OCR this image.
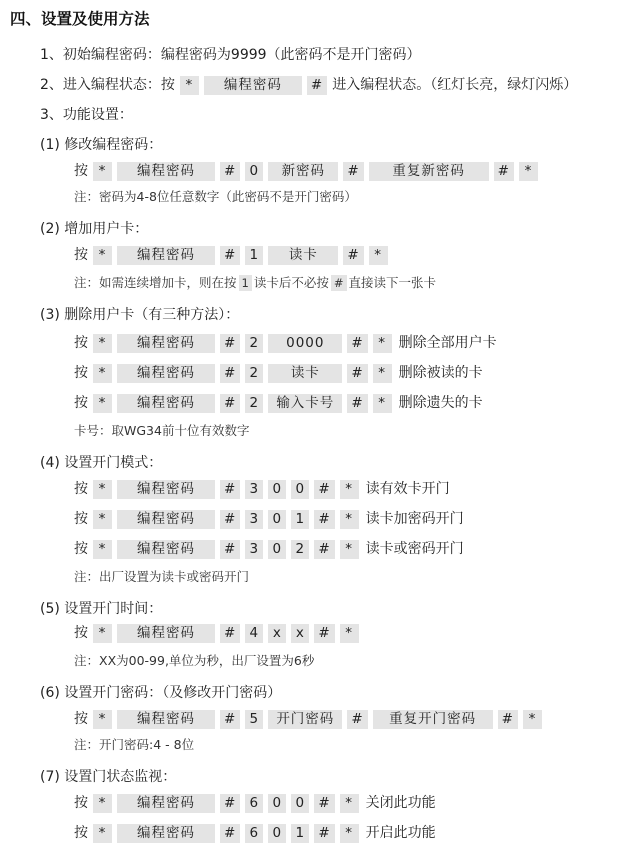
四、设置及使用方法
1、初始编程密码：编程密码为9999（此密码不是开门密码）
2、进入编程状态：按 *	编程密码	# 进入编程状态。（红灯长亮，绿灯闪烁）
3、功能设置：
(1) 修改编程密码：
按 *	编程密码	# 0	新密码	#	重复新密码	#	*
注：密码为4-8位任意数字（此密码不是开门密码）
(2) 增加用户卡：
按 *	编程密码	# 1	读卡	#	*
注：如需连续增加卡，则在按 1 读卡后不必按 # 直接读下一张卡
(3) 删除用户卡（有三种方法）：
按 *	编程密码	# 2	0000	#	* 删除全部用户卡
按 *	编程密码	# 2	读卡	#	* 删除被读的卡
按 *	编程密码	# 2	输入卡号	#	* 删除遗失的卡
卡号：取WG34前十位有效数字
(4) 设置开门模式：
按 *	编程密码	# 3 0 0 #	* 读有效卡开门
按 *	编程密码	# 3 0 1 #	* 读卡加密码开门
按 *	编程密码	# 3 0 2 #	* 读卡或密码开门
注：出厂设置为读卡或密码开门
(5) 设置开门时间：
按 *	编程密码	# 4	x	x	#	*
注：XX为00-99,单位为秒，出厂设置为6秒
(6) 设置开门密码：（及修改开门密码）
按 *	编程密码	# 5	开门密码	#	重复开门密码	#	*
注：开门密码:4 - 8位
(7) 设置门状态监视：
按 *	编程密码	# 6 0 0 #	* 关闭此功能
按 *	编程密码	# 6 0 1 #	* 开启此功能
